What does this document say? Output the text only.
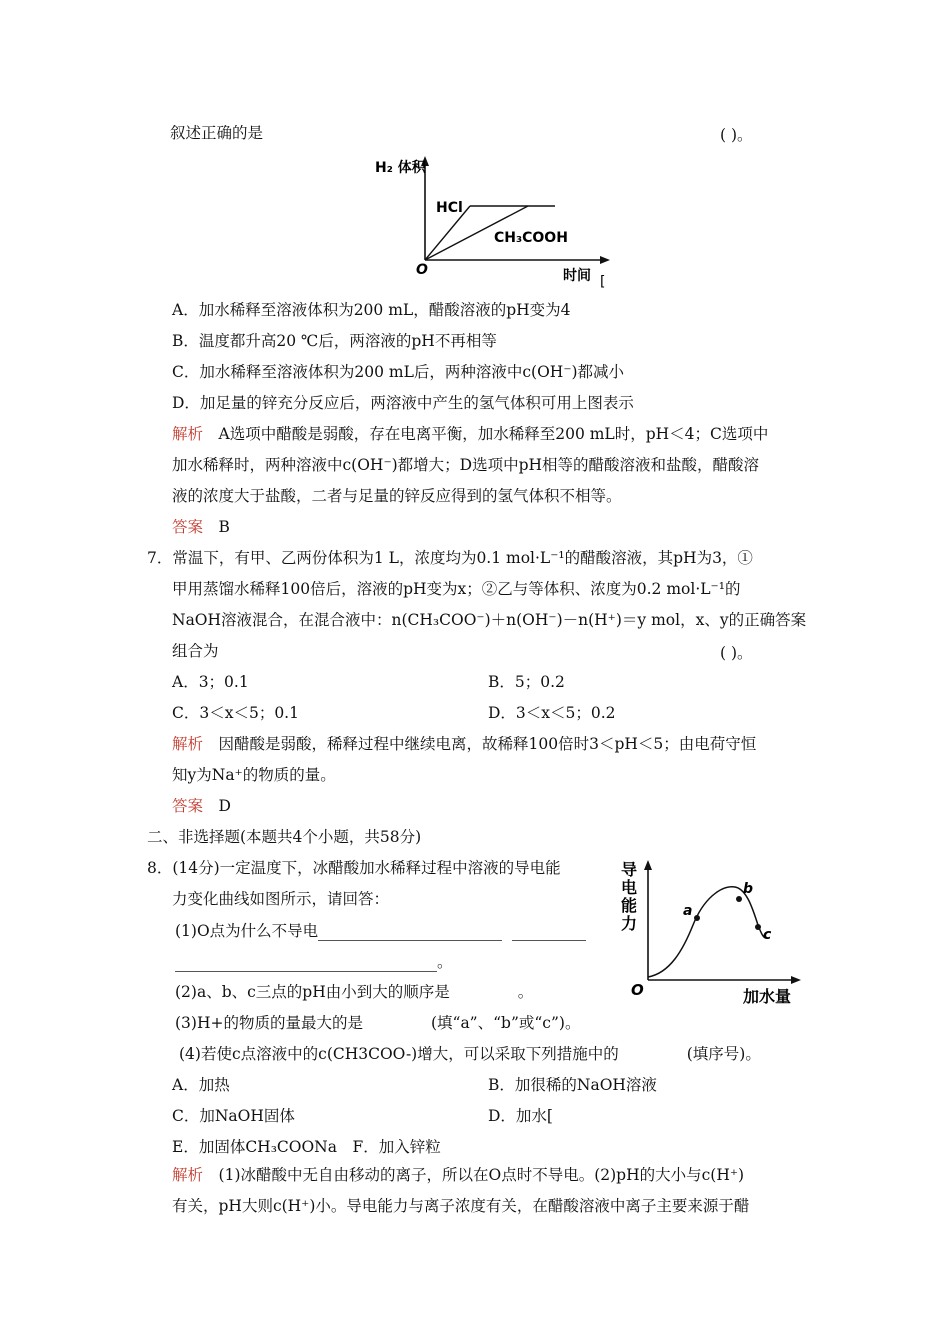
叙述正确的是	( )。
H₂ 体积
HCl
CH₃COOH
O	时间 [
A．加水稀释至溶液体积为200 mL，醋酸溶液的pH变为4
B．温度都升高20 ℃后，两溶液的pH不再相等
C．加水稀释至溶液体积为200 mL后，两种溶液中c(OH⁻)都减小
D．加足量的锌充分反应后，两溶液中产生的氢气体积可用上图表示
解析　 A选项中醋酸是弱酸，存在电离平衡，加水稀释至200 mL时，pH＜4；C选项中
加水稀释时，两种溶液中c(OH⁻)都增大；D选项中pH相等的醋酸溶液和盐酸，醋酸溶
液的浓度大于盐酸，二者与足量的锌反应得到的氢气体积不相等。
答案　 B
7．常温下，有甲、乙两份体积为1 L，浓度均为0.1 mol·L⁻¹的醋酸溶液，其pH为3，①
甲用蒸馏水稀释100倍后，溶液的pH变为x；②乙与等体积、浓度为0.2 mol·L⁻¹的
NaOH溶液混合，在混合液中：n(CH₃COO⁻)＋n(OH⁻)－n(H⁺)＝y mol，x、y的正确答案
组合为	( )。
A．3；0.1	B．5；0.2
C．3＜x＜5；0.1	D．3＜x＜5；0.2
解析　 因醋酸是弱酸，稀释过程中继续电离，故稀释100倍时3＜pH＜5；由电荷守恒
知y为Na⁺的物质的量。
答案　 D
二、非选择题(本题共4个小题，共58分)
8．(14分)一定温度下，冰醋酸加水稀释过程中溶液的导电能
力变化曲线如图所示，请回答：
(1)O点为什么不导电
。
(2)a、b、c三点的pH由小到大的顺序是	。
(3)H+的物质的量最大的是	(填“a”、“b”或“c”)。
(4)若使c点溶液中的c(CH3COO-)增大，可以采取下列措施中的	(填序号)。
A．加热	B．加很稀的NaOH溶液
C．加NaOH固体	D．加水[
E．加固体CH₃COONa　F．加入锌粒
a
b
c
导
电
能
力
O	加水量
解析　 (1)冰醋酸中无自由移动的离子，所以在O点时不导电。(2)pH的大小与c(H⁺)
有关，pH大则c(H⁺)小。导电能力与离子浓度有关，在醋酸溶液中离子主要来源于醋
